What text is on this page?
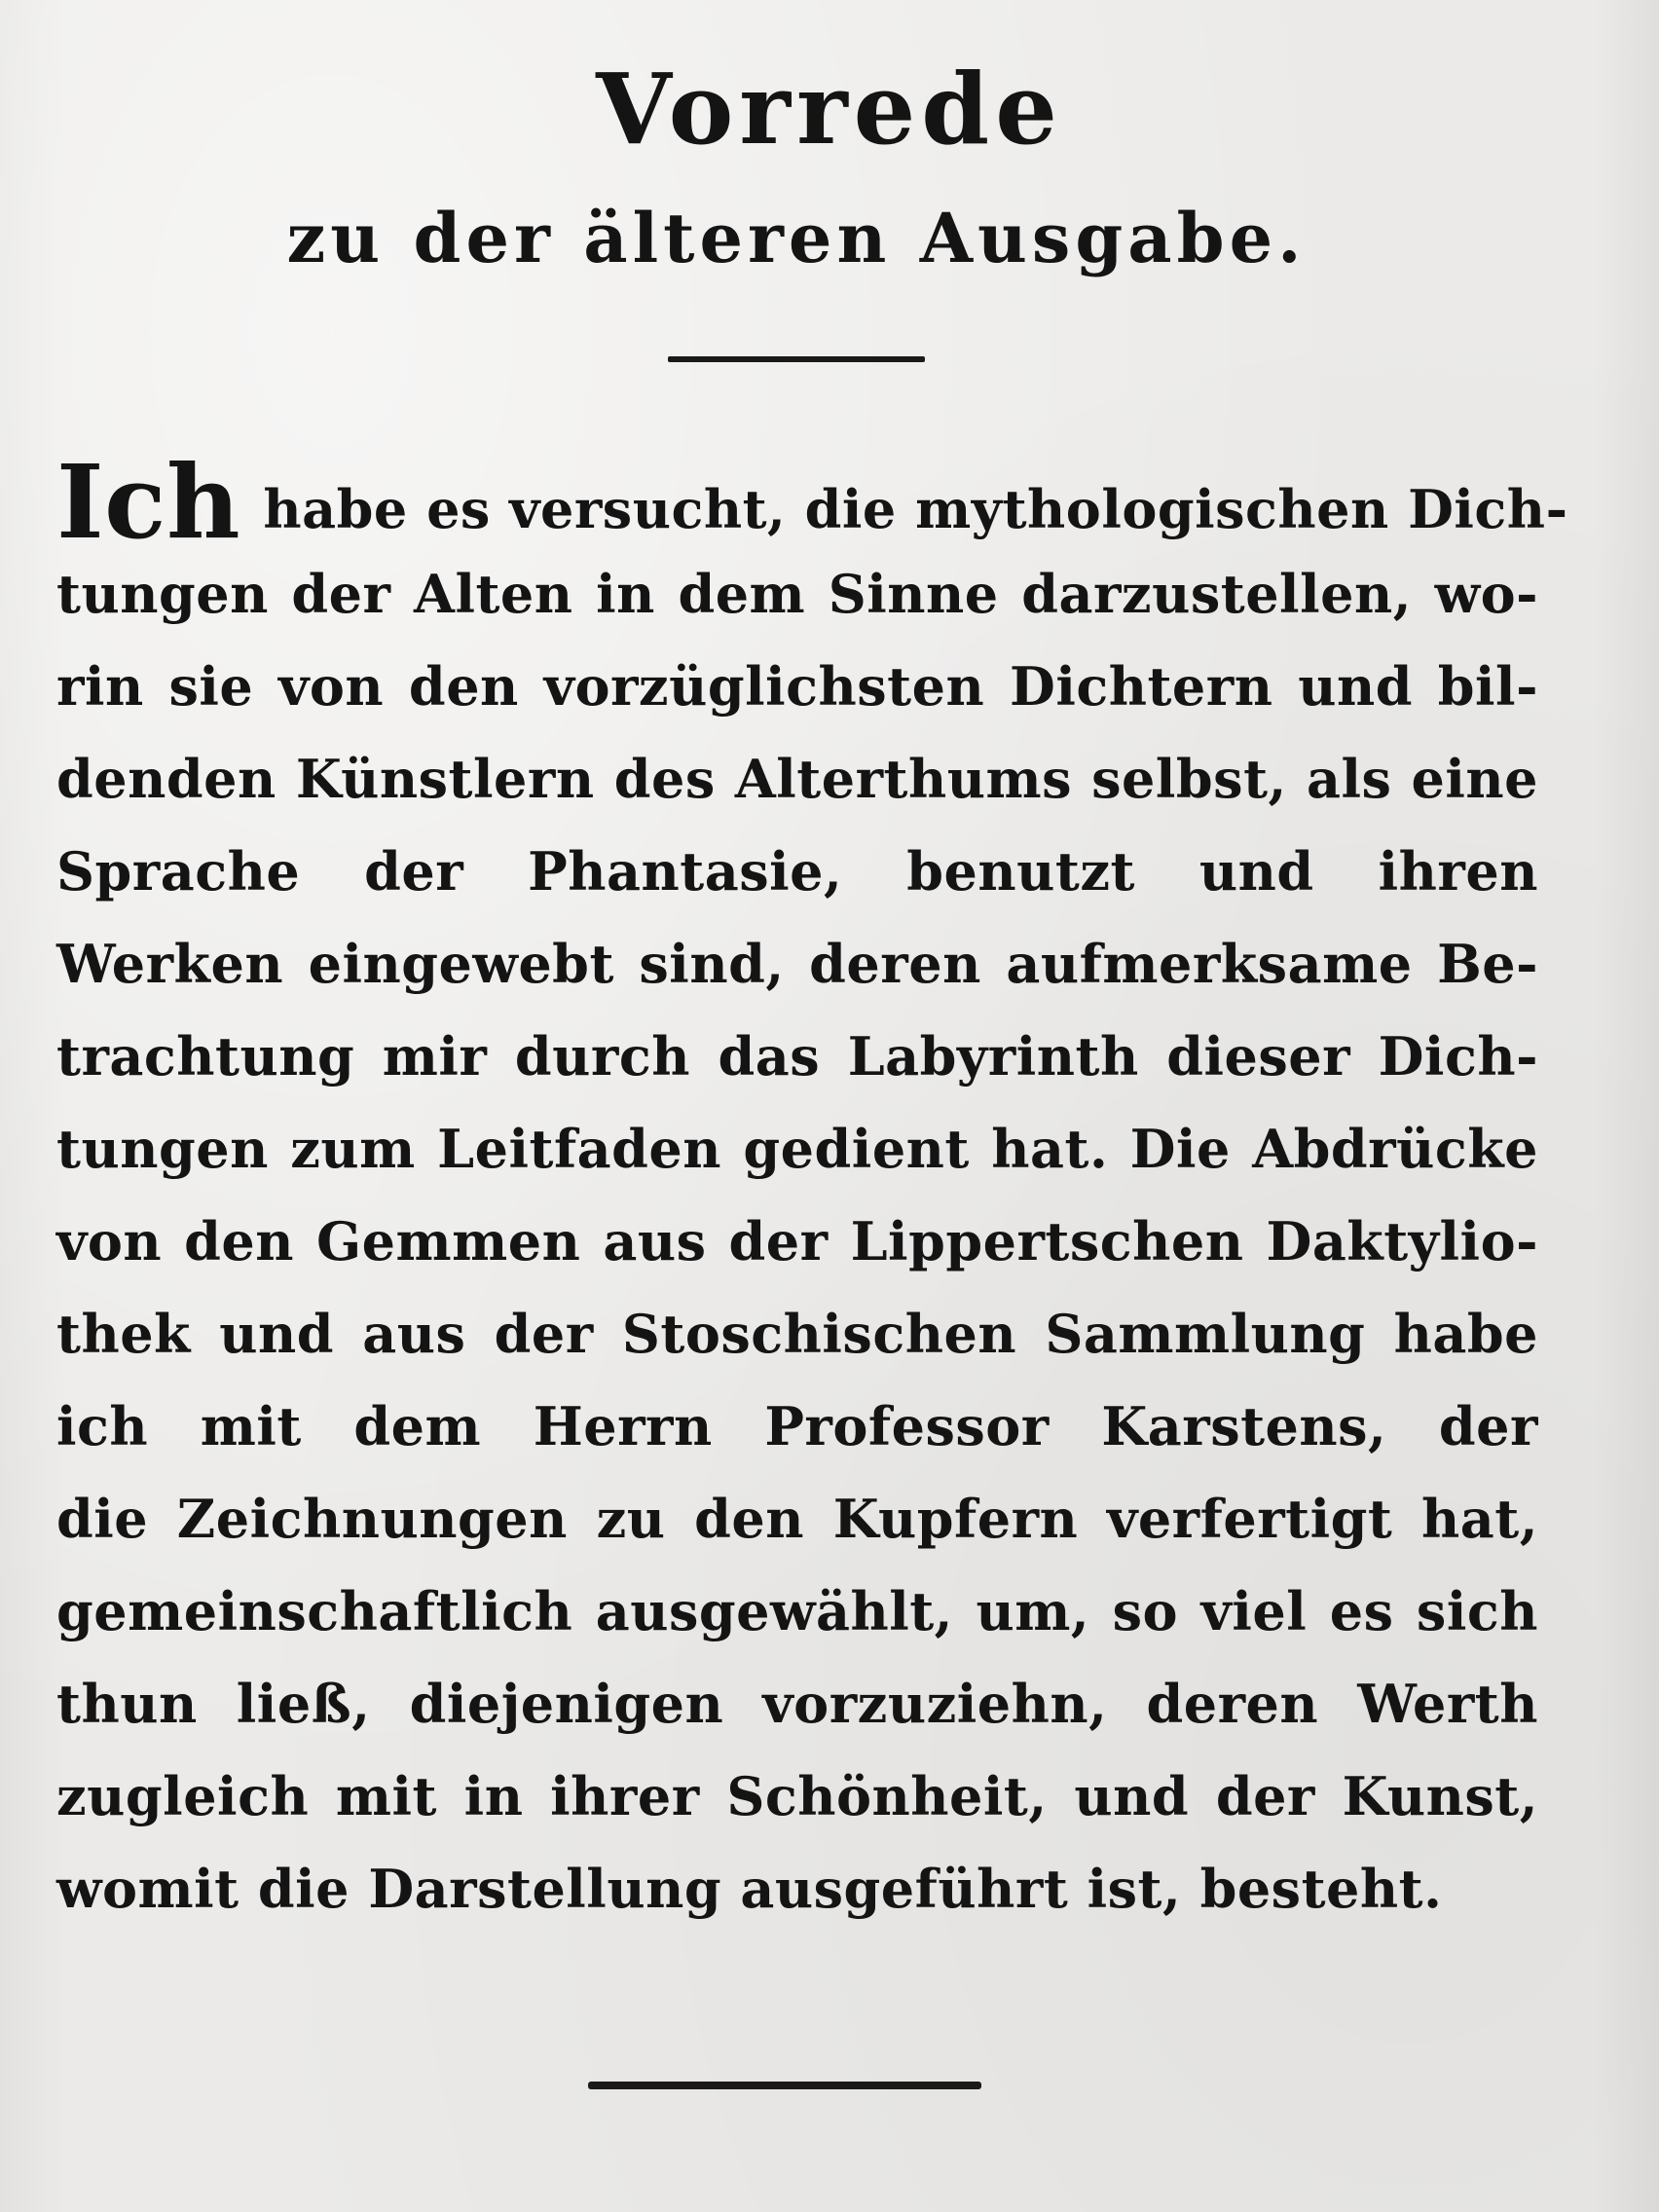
Vorrede
zu der älteren Ausgabe.
Ich habe es versucht, die mythologischen Dich-
tungen der Alten in dem Sinne darzustellen, wo-
rin sie von den vorzüglichsten Dichtern und bil-
denden Künstlern des Alterthums selbst, als eine
Sprache der Phantasie, benutzt und ihren
Werken eingewebt sind, deren aufmerksame Be-
trachtung mir durch das Labyrinth dieser Dich-
tungen zum Leitfaden gedient hat. Die Abdrücke
von den Gemmen aus der Lippertschen Daktylio-
thek und aus der Stoschischen Sammlung habe
ich mit dem Herrn Professor Karstens, der
die Zeichnungen zu den Kupfern verfertigt hat,
gemeinschaftlich ausgewählt, um, so viel es sich
thun ließ, diejenigen vorzuziehn, deren Werth
zugleich mit in ihrer Schönheit, und der Kunst,
womit die Darstellung ausgeführt ist, besteht.
